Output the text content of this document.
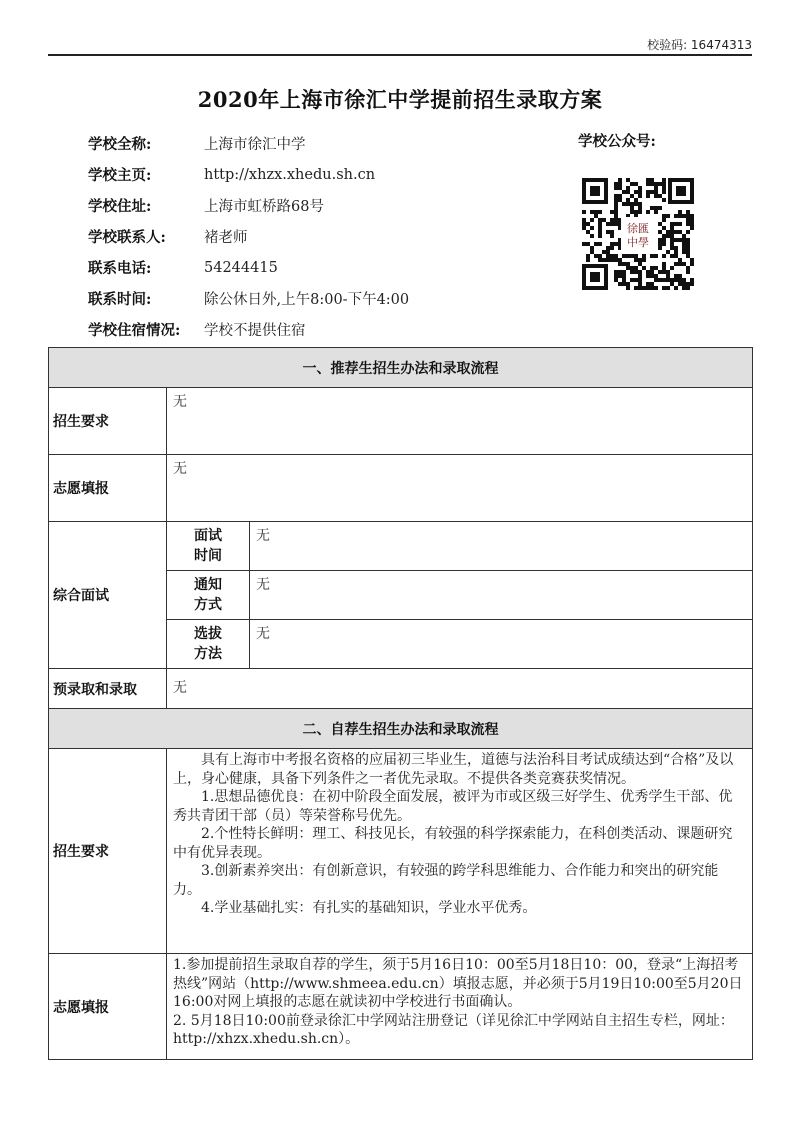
校验码: 16474313
2020年上海市徐汇中学提前招生录取方案
学校全称:	上海市徐汇中学
学校主页:	http://xhzx.xhedu.sh.cn
学校住址:	上海市虹桥路68号
学校联系人:	褚老师
联系电话:	54244415
联系时间:	除公休日外,上午8:00-下午4:00
学校住宿情况:	学校不提供住宿
学校公众号:
徐匯
中學
一、推荐生招生办法和录取流程		
招生要求	无	
志愿填报	无	
综合面试	面试时间	无

	通知方式	无

	选拔方法	无
预录取和录取	无	
二、自荐生招生办法和录取流程		
招生要求	具有上海市中考报名资格的应届初三毕业生，道德与法治科目考试成绩达到“合格”及以上，身心健康，具备下列条件之一者优先录取。不提供各类竞赛获奖情况。

1.思想品德优良：在初中阶段全面发展，被评为市或区级三好学生、优秀学生干部、优秀共青团干部（员）等荣誉称号优先。

2.个性特长鲜明：理工、科技见长，有较强的科学探索能力，在科创类活动、课题研究中有优异表现。

3.创新素养突出：有创新意识，有较强的跨学科思维能力、合作能力和突出的研究能力。

4.学业基础扎实：有扎实的基础知识，学业水平优秀。	

志愿填报	1.参加提前招生录取自荐的学生，须于5月16日10：00至5月18日10：00，登录“上海招考热线”网站（http://www.shmeea.edu.cn）填报志愿，并必须于5月19日10:00至5月20日16:00对网上填报的志愿在就读初中学校进行书面确认。

2. 5月18日10:00前登录徐汇中学网站注册登记（详见徐汇中学网站自主招生专栏，网址：http://xhzx.xhedu.sh.cn）。	
